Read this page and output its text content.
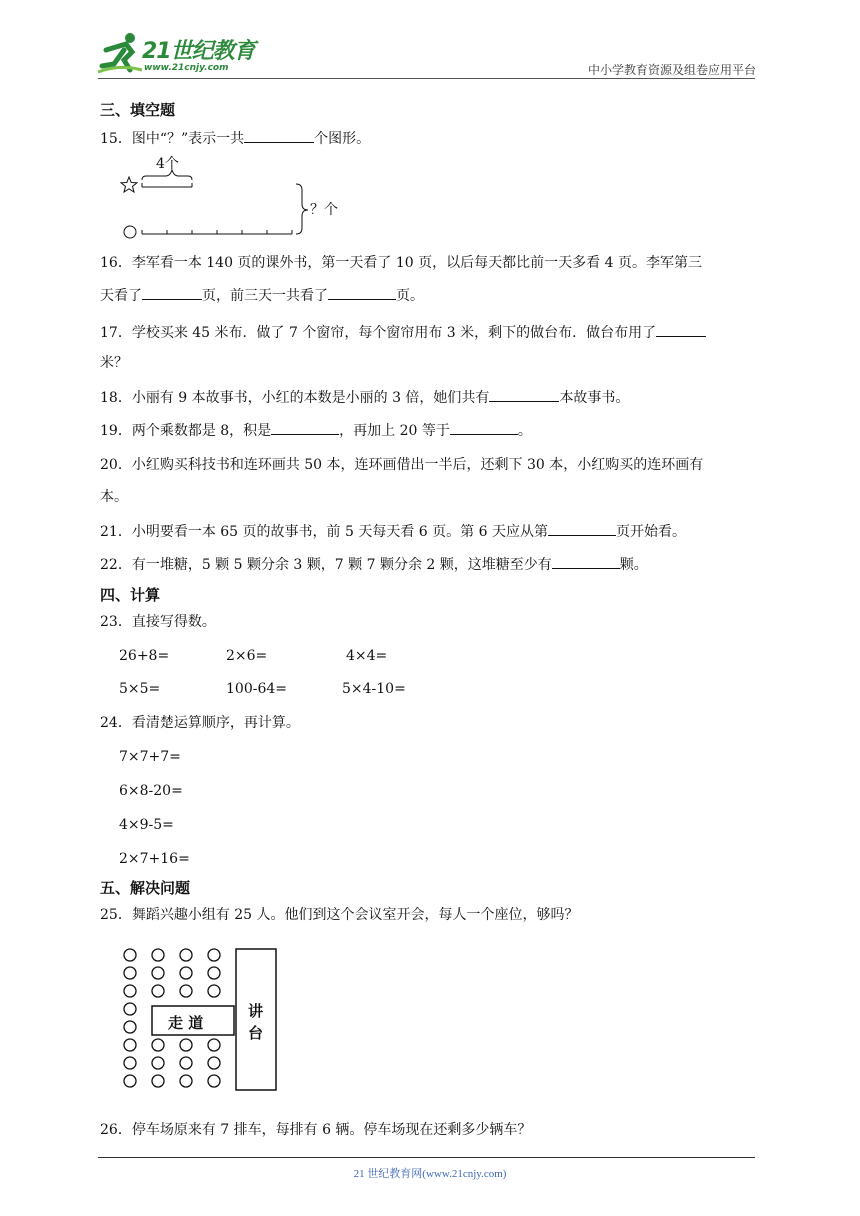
21世纪教育
www.21cnjy.com	中小学教育资源及组卷应用平台
三、填空题
15．图中“？”表示一共	个图形。
4个
？个
16．李军看一本 140 页的课外书，第一天看了 10 页，以后每天都比前一天多看 4 页。李军第三
天看了	页，前三天一共看了	页。
17．学校买来 45 米布．做了 7 个窗帘，每个窗帘用布 3 米，剩下的做台布．做台布用了
米？
18．小丽有 9 本故事书，小红的本数是小丽的 3 倍，她们共有	本故事书。
19．两个乘数都是 8，积是	，再加上 20 等于	。
20．小红购买科技书和连环画共 50 本，连环画借出一半后，还剩下 30 本，小红购买的连环画有
本。
21．小明要看一本 65 页的故事书，前 5 天每天看 6 页。第 6 天应从第	页开始看。
22．有一堆糖，5 颗 5 颗分余 3 颗，7 颗 7 颗分余 2 颗，这堆糖至少有	颗。
四、计算
23．直接写得数。
26+8=	2×6=	4×4=
5×5=	100-64=	5×4-10=
24．看清楚运算顺序，再计算。
7×7+7=
6×8-20=
4×9-5=
2×7+16=
五、解决问题
25．舞蹈兴趣小组有 25 人。他们到这个会议室开会，每人一个座位，够吗？
走 道
讲
台
26．停车场原来有 7 排车，每排有 6 辆。停车场现在还剩多少辆车？
21 世纪教育网(www.21cnjy.com)
